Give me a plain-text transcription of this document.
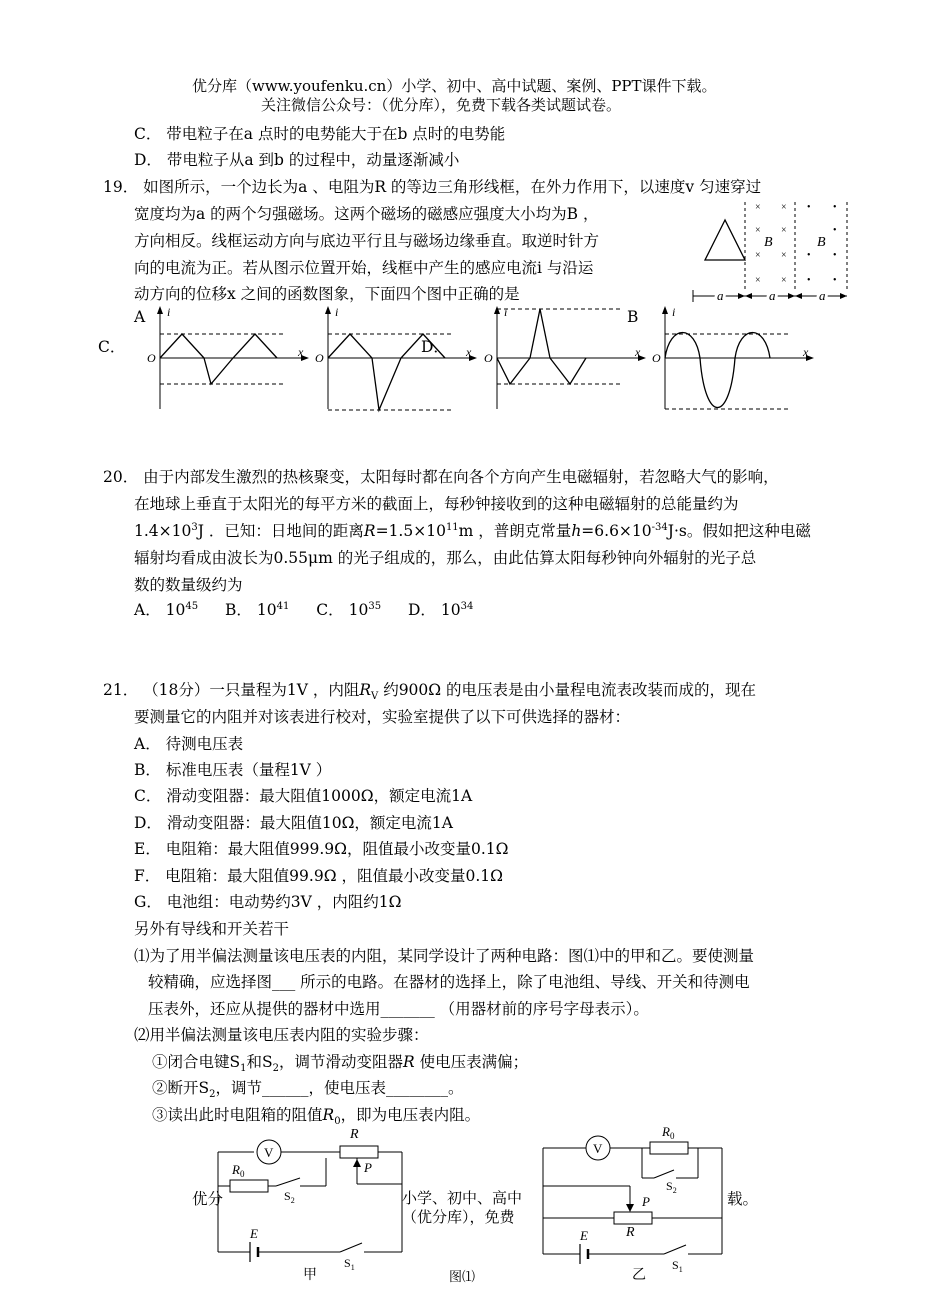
优分库（www.youfenku.cn）小学、初中、高中试题、案例、PPT课件下载。
关注微信公众号：（优分库），免费下载各类试题试卷。
C． 带电粒子在a 点时的电势能大于在b 点时的电势能
D． 带电粒子从a 到b 的过程中，动量逐渐减小
19． 如图所示，一个边长为a 、电阻为R 的等边三角形线框，在外力作用下，以速度v 匀速穿过
宽度均为a 的两个匀强磁场。这两个磁场的磁感应强度大小均为B ，
方向相反。线框运动方向与底边平行且与磁场边缘垂直。取逆时针方
向的电流为正。若从图示位置开始，线框中产生的感应电流i 与沿运
动方向的位移x 之间的函数图象，下面四个图中正确的是
× ×
× ×
× ×
× ×
• •
•
• •
• •
B	B
a	a	a
A	B
C．	D．
i
x
O
i
x
O
i
x
O
i
x
O
20． 由于内部发生激烈的热核聚变，太阳每时都在向各个方向产生电磁辐射，若忽略大气的影响，
在地球上垂直于太阳光的每平方米的截面上，每秒钟接收到的这种电磁辐射的总能量约为
$1.4\times 10^3J$ ．已知：日地间的距离$R=1.5\times 10^{11}m$ ，普朗克常量$h=6.6\times 10^{-34}J\cdot s$。假如把这种电磁
辐射均看成由波长为0.55μm 的光子组成的，那么，由此估算太阳每秒钟向外辐射的光子总
数的数量级约为
A． $10^{45}$ B． $10^{41}$ C． $10^{35}$ D． $10^{34}$
21． （18分）一只量程为1V ，内阻$R_V$ 约900Ω 的电压表是由小量程电流表改装而成的，现在
要测量它的内阻并对该表进行校对，实验室提供了以下可供选择的器材：
A． 待测电压表
B． 标准电压表（量程1V ）
C． 滑动变阻器：最大阻值1000Ω，额定电流1A
D． 滑动变阻器：最大阻值10Ω，额定电流1A
E． 电阻箱：最大阻值999.9Ω，阻值最小改变量0.1Ω
F． 电阻箱：最大阻值99.9Ω ，阻值最小改变量0.1Ω
G． 电池组：电动势约3V ，内阻约1Ω
另外有导线和开关若干
⑴为了用半偏法测量该电压表的内阻，某同学设计了两种电路：图⑴中的甲和乙。要使测量
较精确，应选择图___ 所示的电路。在器材的选择上，除了电池组、导线、开关和待测电
压表外，还应从提供的器材中选用_______ （用器材前的序号字母表示）。
⑵用半偏法测量该电压表内阻的实验步骤：
①闭合电键$S_1$和$S_2$，调节滑动变阻器R 使电压表满偏；
②断开$S_2$，调节______，使电压表________。
③读出此时电阻箱的阻值$R_0$，即为电压表内阻。
优分	小学、初中、高中
（优分库），免费
载。
V
R
P
$R_0$
$S_2$
E
$S_1$
甲	图⑴
V
$R_0$
$S_2$
P
R
E
$S_1$
乙
